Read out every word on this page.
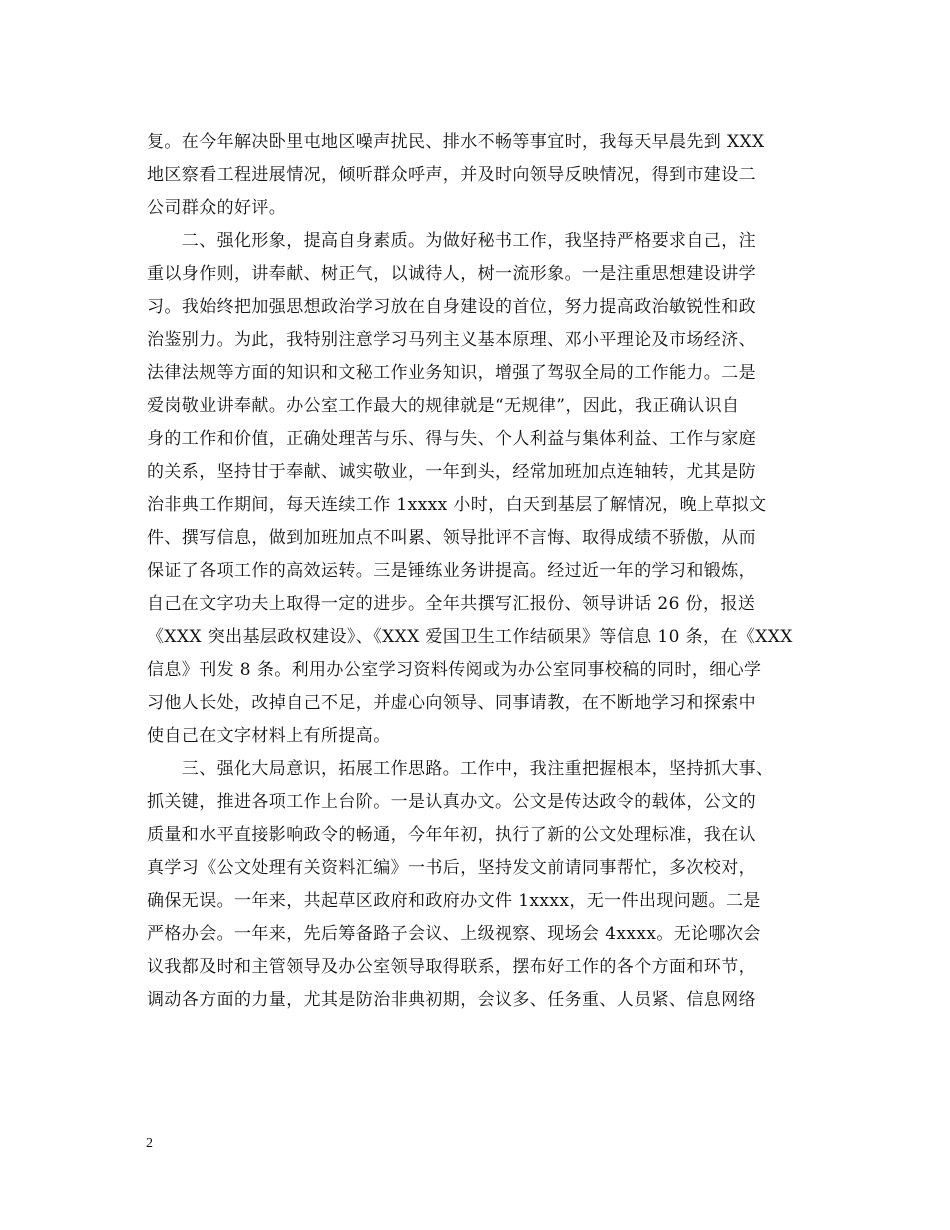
复。在今年解决卧里屯地区噪声扰民、排水不畅等事宜时，我每天早晨先到 XXX
地区察看工程进展情况，倾听群众呼声，并及时向领导反映情况，得到市建设二
公司群众的好评。
　　二、强化形象，提高自身素质。为做好秘书工作，我坚持严格要求自己，注
重以身作则，讲奉献、树正气，以诚待人，树一流形象。一是注重思想建设讲学
习。我始终把加强思想政治学习放在自身建设的首位，努力提高政治敏锐性和政
治鉴别力。为此，我特别注意学习马列主义基本原理、邓小平理论及市场经济、
法律法规等方面的知识和文秘工作业务知识，增强了驾驭全局的工作能力。二是
爱岗敬业讲奉献。办公室工作最大的规律就是“无规律”，因此，我正确认识自
身的工作和价值，正确处理苦与乐、得与失、个人利益与集体利益、工作与家庭
的关系，坚持甘于奉献、诚实敬业，一年到头，经常加班加点连轴转，尤其是防
治非典工作期间，每天连续工作 1xxxx 小时，白天到基层了解情况，晚上草拟文
件、撰写信息，做到加班加点不叫累、领导批评不言悔、取得成绩不骄傲，从而
保证了各项工作的高效运转。三是锤练业务讲提高。经过近一年的学习和锻炼，
自己在文字功夫上取得一定的进步。全年共撰写汇报份、领导讲话 26 份，报送
《XXX 突出基层政权建设》、《XXX 爱国卫生工作结硕果》等信息 10 条，在《XXX
信息》刊发 8 条。利用办公室学习资料传阅或为办公室同事校稿的同时，细心学
习他人长处，改掉自己不足，并虚心向领导、同事请教，在不断地学习和探索中
使自己在文字材料上有所提高。
　　三、强化大局意识，拓展工作思路。工作中，我注重把握根本，坚持抓大事、
抓关键，推进各项工作上台阶。一是认真办文。公文是传达政令的载体，公文的
质量和水平直接影响政令的畅通，今年年初，执行了新的公文处理标准，我在认
真学习《公文处理有关资料汇编》一书后，坚持发文前请同事帮忙，多次校对，
确保无误。一年来，共起草区政府和政府办文件 1xxxx，无一件出现问题。二是
严格办会。一年来，先后筹备路子会议、上级视察、现场会 4xxxx。无论哪次会
议我都及时和主管领导及办公室领导取得联系，摆布好工作的各个方面和环节，
调动各方面的力量，尤其是防治非典初期，会议多、任务重、人员紧、信息网络
2
